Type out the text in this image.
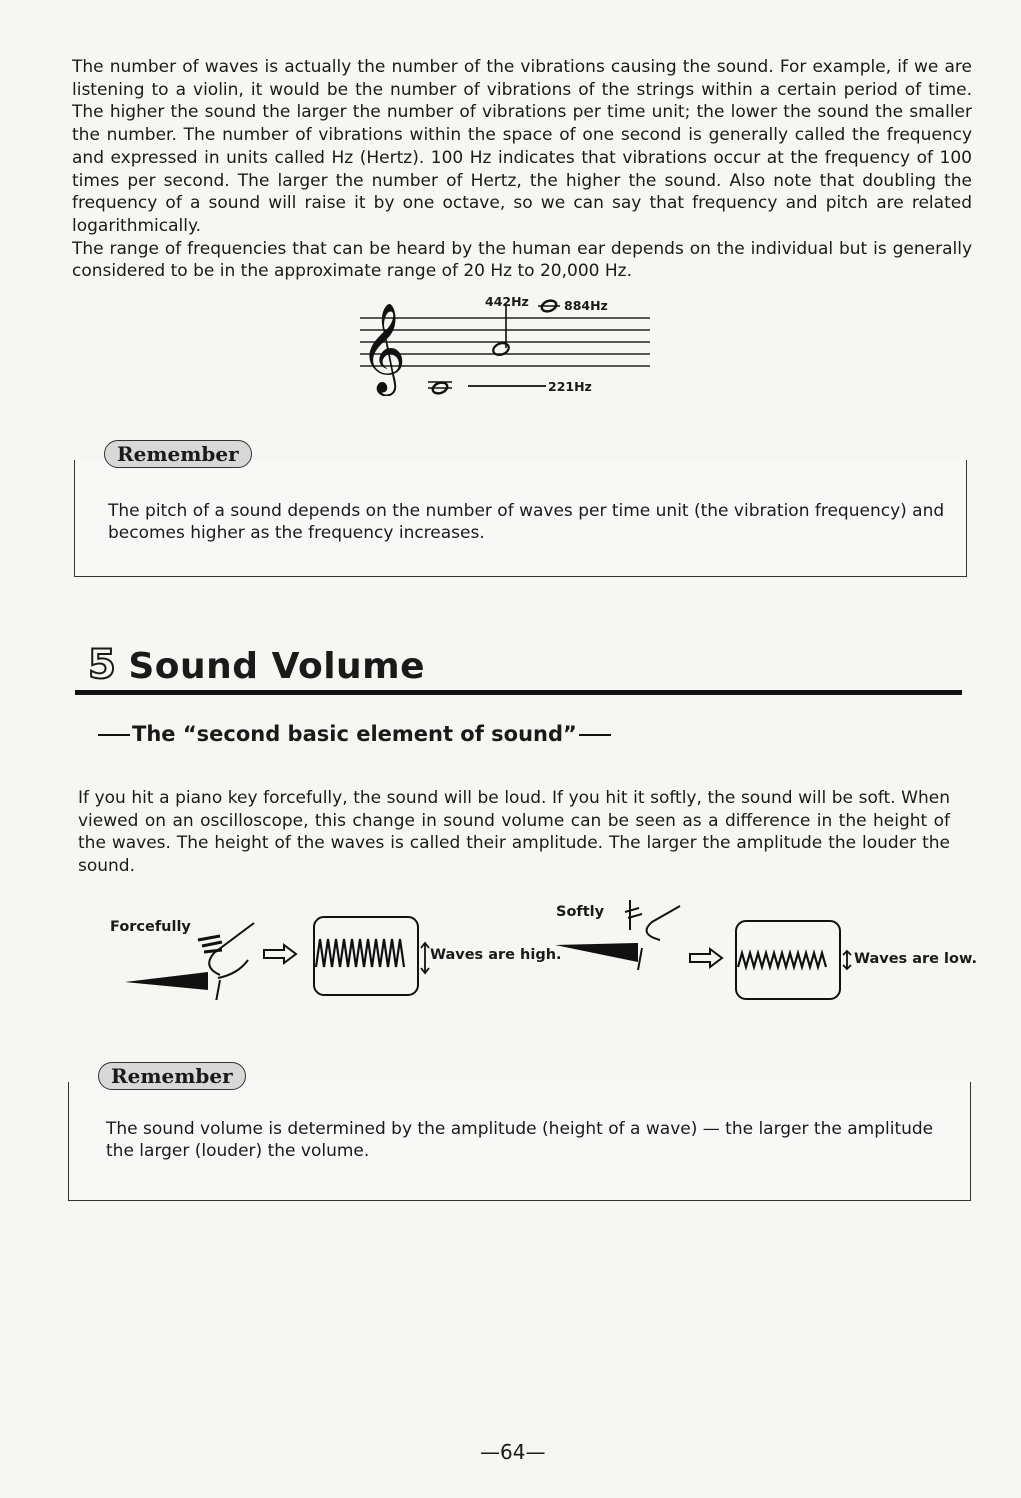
The number of waves is actually the number of the vibrations causing the sound. For example, if we are listening to a violin, it would be the number of vibrations of the strings within a certain period of time. The higher the sound the larger the number of vibrations per time unit; the lower the sound the smaller the number. The number of vibrations within the space of one second is generally called the frequency and expressed in units called Hz (Hertz). 100 Hz indicates that vibrations occur at the frequency of 100 times per second. The larger the number of Hertz, the higher the sound. Also note that doubling the frequency of a sound will raise it by one octave, so we can say that frequency and pitch are related logarithmically.

The range of frequencies that can be heard by the human ear depends on the individual but is generally considered to be in the approximate range of 20 Hz to 20,000 Hz.

𝄞
442Hz	884Hz
221Hz
Remember
The pitch of a sound depends on the number of waves per time unit (the vibration frequency) and becomes higher as the frequency increases.
5 Sound Volume
The “second basic element of sound”
If you hit a piano key forcefully, the sound will be loud. If you hit it softly, the sound will be soft. When viewed on an oscilloscope, this change in sound volume can be seen as a difference in the height of the waves. The height of the waves is called their amplitude. The larger the amplitude the louder the sound.
Forcefully
Waves are high.
Softly
Waves are low.
Remember
The sound volume is determined by the amplitude (height of a wave) — the larger the amplitude the larger (louder) the volume.
—64—
